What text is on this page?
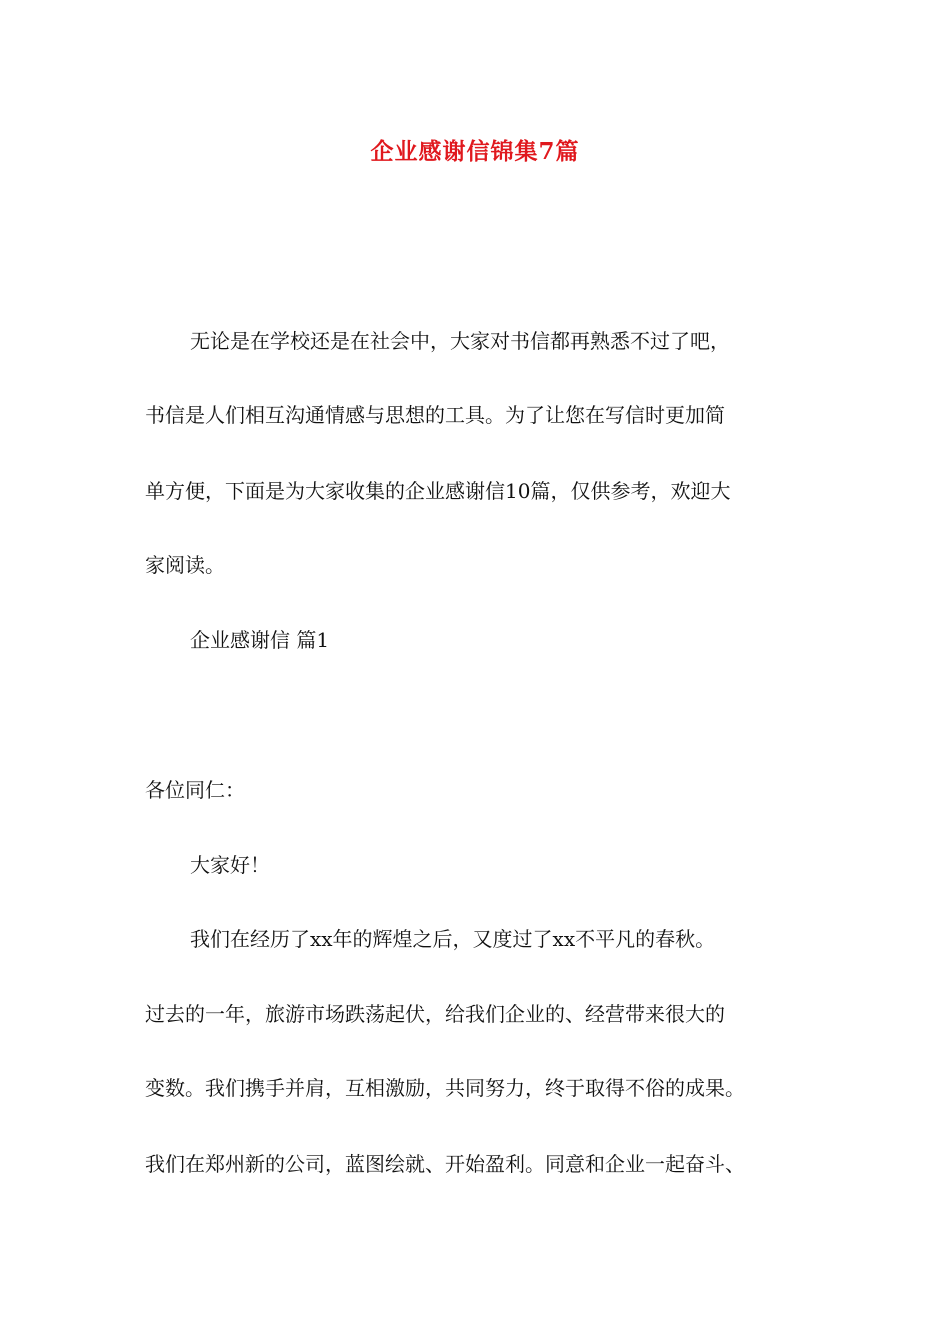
企业感谢信锦集7篇

无论是在学校还是在社会中，大家对书信都再熟悉不过了吧，

书信是人们相互沟通情感与思想的工具。为了让您在写信时更加简

单方便，下面是为大家收集的企业感谢信10篇，仅供参考，欢迎大

家阅读。

企业感谢信 篇1

各位同仁：

大家好！

我们在经历了xx年的辉煌之后，又度过了xx不平凡的春秋。

过去的一年，旅游市场跌荡起伏，给我们企业的、经营带来很大的

变数。我们携手并肩，互相激励，共同努力，终于取得不俗的成果。

我们在郑州新的公司，蓝图绘就、开始盈利。同意和企业一起奋斗、
